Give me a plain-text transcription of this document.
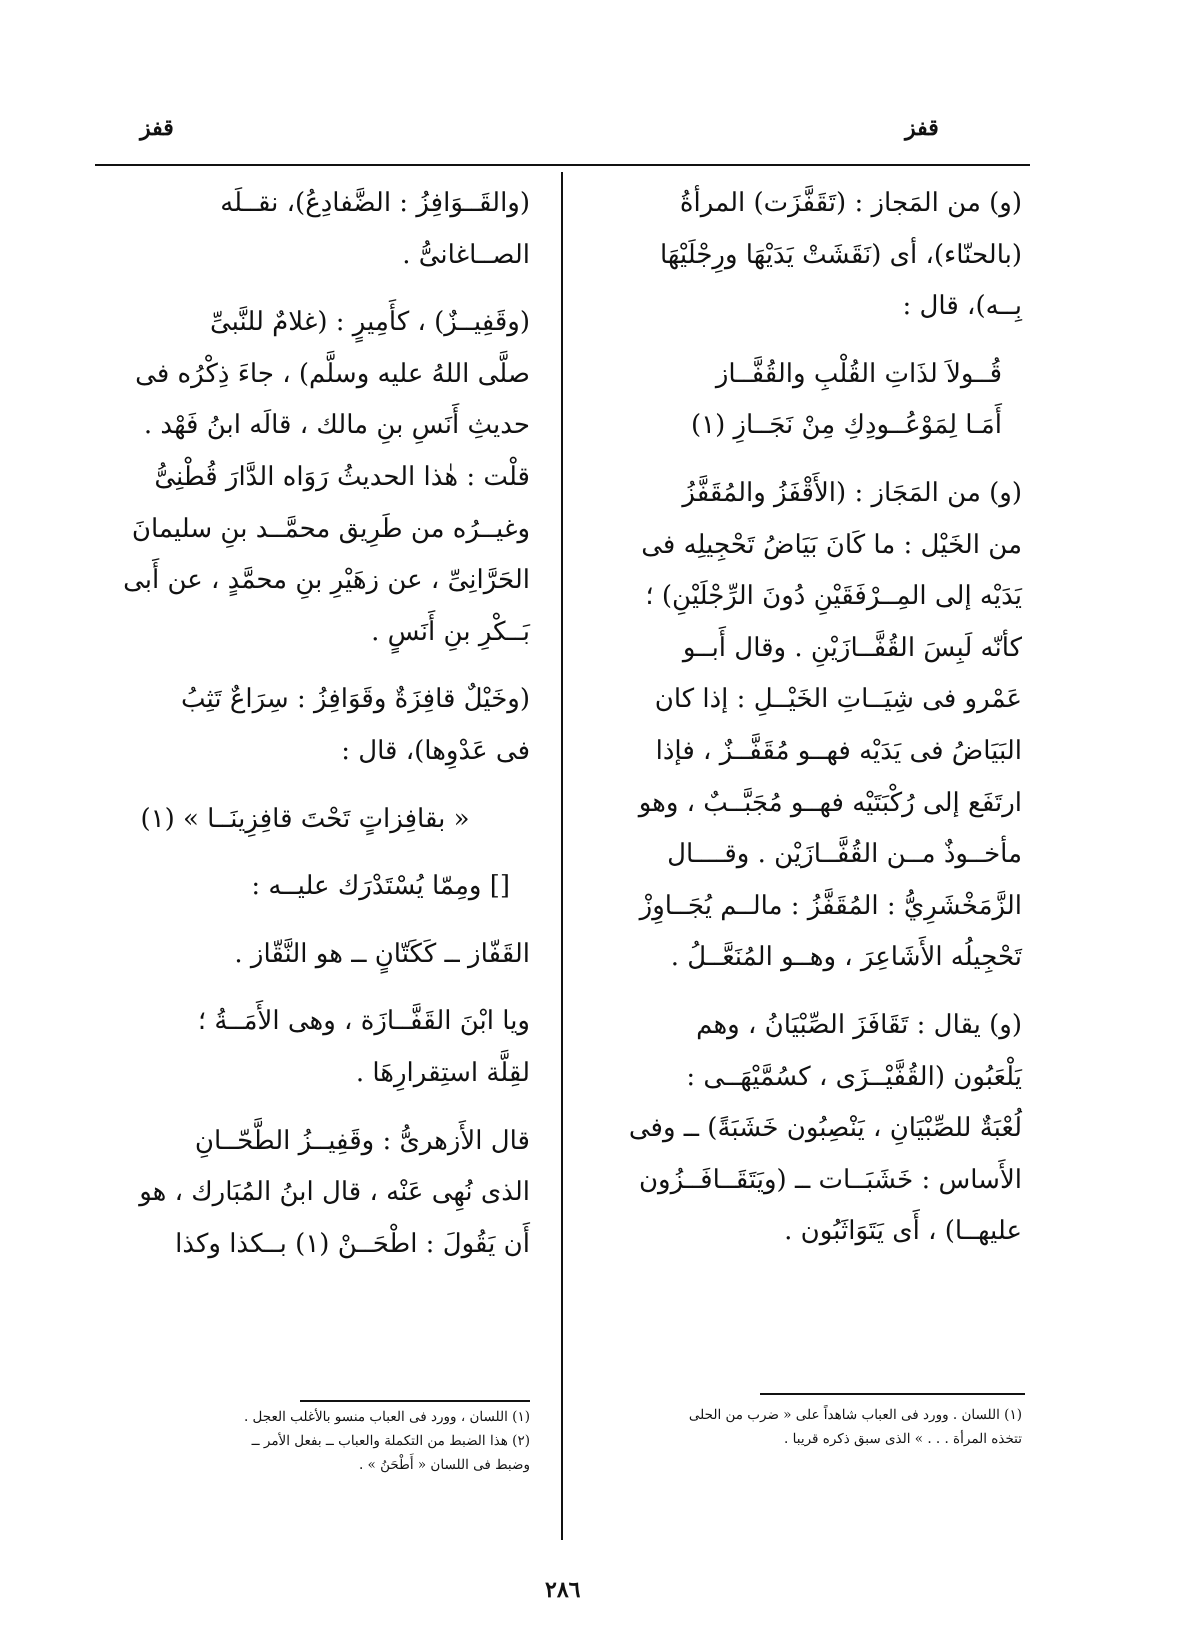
قفز	قفز

(و) من المَجاز : (تَقَفَّزَت) المرأةُ
(بالحنّاء)، أى (نَقَشَتْ يَدَيْهَا ورِجْلَيْهَا
بِــه)، قال :

قُــولاَ لذَاتِ القُلْبِ والقُفَّــاز
أَمَـا لِمَوْعُــودِكِ مِنْ نَجَــازِ (١)

(و) من المَجَاز : (الأَقْفَزُ والمُقَفَّزُ
من الخَيْل : ما كَانَ بَيَاضُ تَحْجِيلِه فى
يَدَيْه إلى المِــرْفَقَيْنِ دُونَ الرِّجْلَيْنِ) ؛
كأنّه لَبِسَ القُفَّــازَيْنِ . وقال أَبــو
عَمْرو فى شِيَــاتِ الخَيْــلِ : إذا كان
البَيَاضُ فى يَدَيْه فهــو مُقَفَّــزٌ ، فإذا
ارتَفَع إلى رُكْبَتَيْه فهــو مُجَبَّــبٌ ، وهو
مأخــوذٌ مــن القُفَّــازَيْن . وقــــال
الزَّمَخْشَرِيُّ : المُقَفَّزُ : مالــم يُجَــاوِزْ
تَحْجِيلُه الأَشَاعِرَ ، وهــو المُنَعَّــلُ .

(و) يقال : تَقَافَزَ الصِّبْيَانُ ، وهم
يَلْعَبُون (القُفَّيْــزَى ، كسُمَّيْهَــى :
لُعْبَةٌ للصِّبْيَانِ ، يَنْصِبُون خَشَبَةً) ــ وفى
الأَساس : خَشَبَــات ــ (ويَتَقَــافَــزُون
عليهــا) ، أَى يَتَوَاثَبُون .

(والقَــوَافِزُ : الضَّفادِعُ)، نقــلَه
الصــاغانىُّ .

(وقَفِيــزٌ) ، كأَمِيرٍ : (غلامٌ للنَّبىِّ
صلَّى اللهُ عليه وسلَّم) ، جاءَ ذِكْرُه فى
حديثِ أَنَسِ بنِ مالك ، قالَه ابنُ فَهْد .
قلْت : هٰذا الحديثُ رَوَاه الدَّارَ قُطْنِىُّ
وغيــرُه من طَرِيق محمَّــد بنِ سليمانَ
الحَرَّانِىِّ ، عن زهَيْرِ بنِ محمَّدٍ ، عن أَبى
بَــكْرِ بنِ أَنَسٍ .

(وخَيْلٌ قافِزَةٌ وقَوَافِزُ : سِرَاعٌ تَثِبُ
فى عَدْوِها)، قال :

« بقافِزاتٍ تَحْتَ قافِزِينَــا » (١)

[] ومِمّا يُسْتَدْرَك عليــه :

القَفّاز ــ كَكَتّانٍ ــ هو النَّقّاز .

ويا ابْنَ القَفَّــازَة ، وهى الأَمَــةُ ؛
لقِلَّة استِقرارِهَا .

قال الأَزهرىُّ : وقَفِيــزُ الطَّحّــانِ
الذى نُهِى عَنْه ، قال ابنُ المُبَارك ، هو
أَن يَقُولَ : اطْحَــنْ (١) بــكذا وكذا

(١) اللسان . وورد فى العباب شاهداً على « ضرب من الحلى
تتخذه المرأة . . . » الذى سبق ذكره قريبا .
(١) اللسان ، وورد فى العباب منسو بالأغلب العجل .
(٢) هذا الضبط من التكملة والعباب ــ بفعل الأمر ــ
وضبط فى اللسان « أَطْحَنُ » .
٢٨٦
